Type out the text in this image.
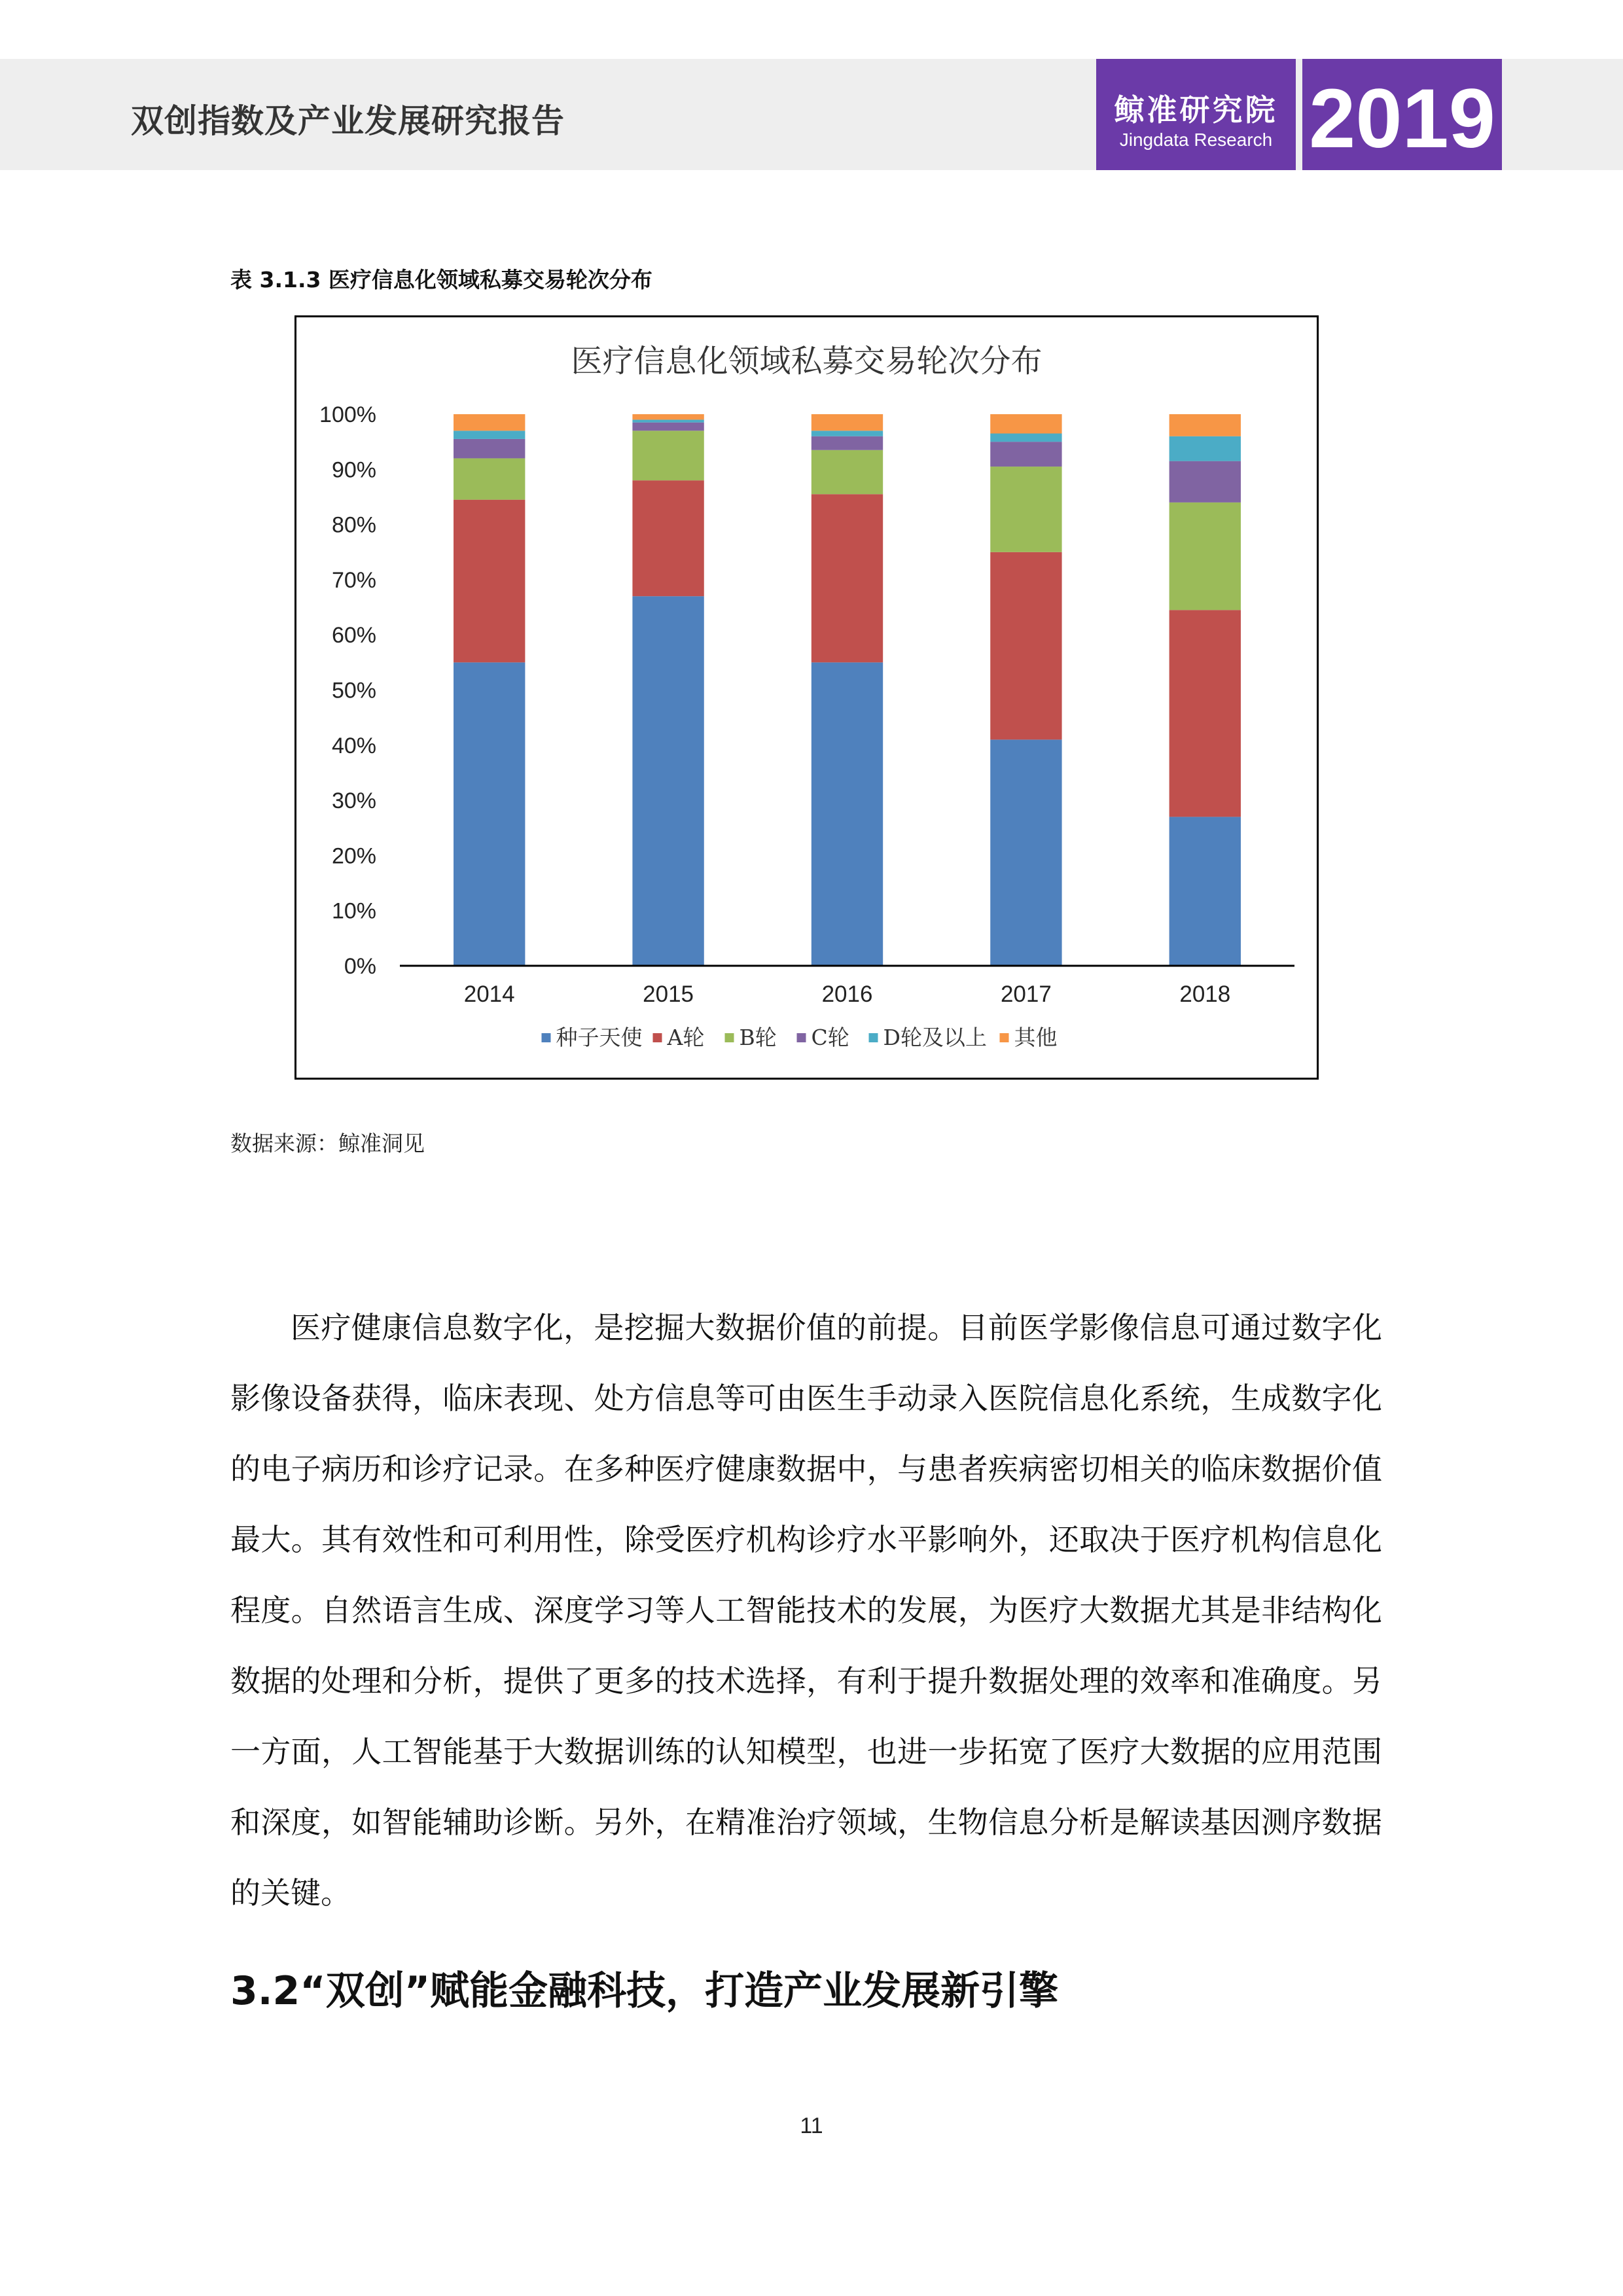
双创指数及产业发展研究报告	鲸准研究院
Jingdata Research 2019
表 3.1.3 医疗信息化领域私募交易轮次分布
医疗信息化领域私募交易轮次分布
0%
10%
20%
30%
40%
50%
60%
70%
80%
90%
100%
2014	2015	2016	2017	2018
种子天使 A轮 B轮 C轮 D轮及以上 其他
数据来源：鲸准洞见
医疗健康信息数字化，是挖掘大数据价值的前提。目前医学影像信息可通过数字化影像设备获得，临床表现、处方信息等可由医生手动录入医院信息化系统，生成数字化的电子病历和诊疗记录。在多种医疗健康数据中，与患者疾病密切相关的临床数据价值最大。其有效性和可利用性，除受医疗机构诊疗水平影响外，还取决于医疗机构信息化程度。自然语言生成、深度学习等人工智能技术的发展，为医疗大数据尤其是非结构化数据的处理和分析，提供了更多的技术选择，有利于提升数据处理的效率和准确度。另一方面，人工智能基于大数据训练的认知模型，也进一步拓宽了医疗大数据的应用范围和深度，如智能辅助诊断。另外，在精准治疗领域，生物信息分析是解读基因测序数据的关键。
3.2“双创”赋能金融科技，打造产业发展新引擎
11
